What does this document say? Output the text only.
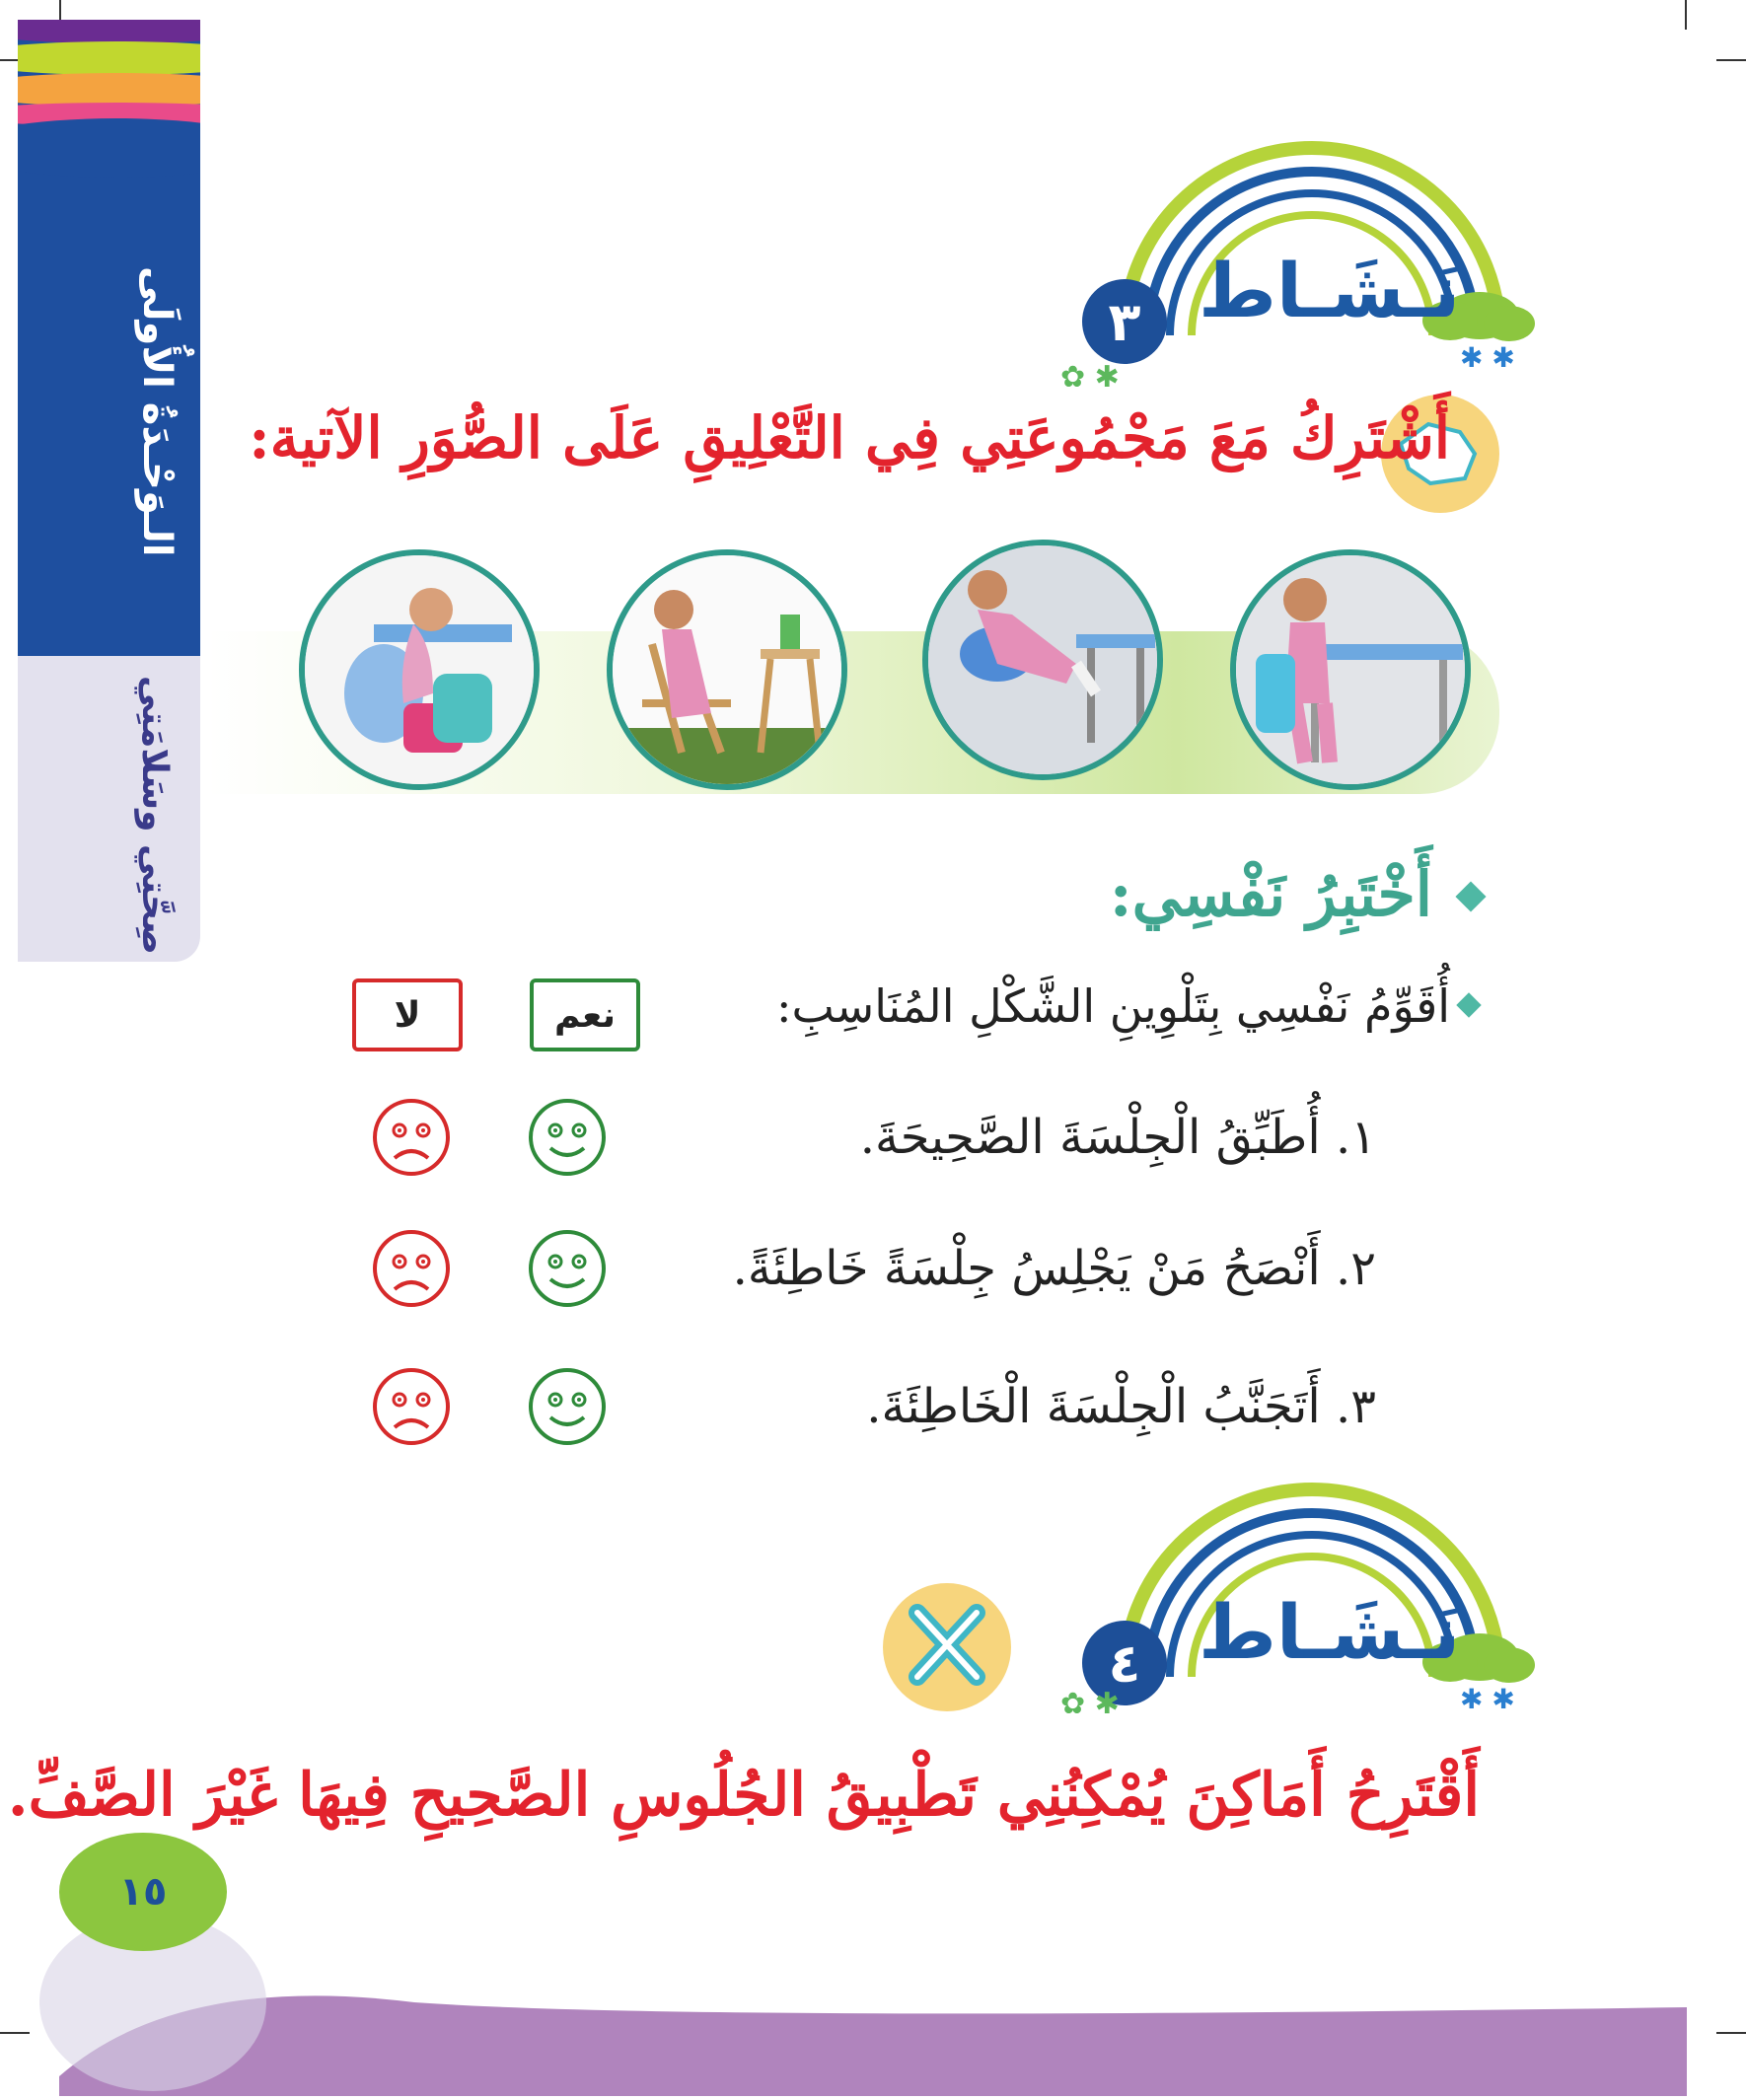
الـوَحْـدَةُ الأُولَى
صِحَّتِي وسَلامَتِي
✱ ✱
نَـشَـاط
٣
✿ ✱
أَشْتَرِكُ مَعَ مَجْمُوعَتِي فِي التَّعْلِيقِ عَلَى الصُّوَرِ الآتية:
أَخْتَبِرُ نَفْسِي:
أُقَوِّمُ نَفْسِي بِتَلْوِينِ الشَّكْلِ المُنَاسِبِ:
نعم
لا
١. أُطَبِّقُ الْجِلْسَةَ الصَّحِيحَةَ.
٢. أَنْصَحُ مَنْ يَجْلِسُ جِلْسَةً خَاطِئَةً.
٣. أَتَجَنَّبُ الْجِلْسَةَ الْخَاطِئَةَ.
✱ ✱
نَـشَـاط
٤
✿ ✱
أَقْتَرِحُ أَمَاكِنَ يُمْكِنُنِي تَطْبِيقُ الجُلُوسِ الصَّحِيحِ فِيهَا غَيْرَ الصَّفِّ.
١٥
